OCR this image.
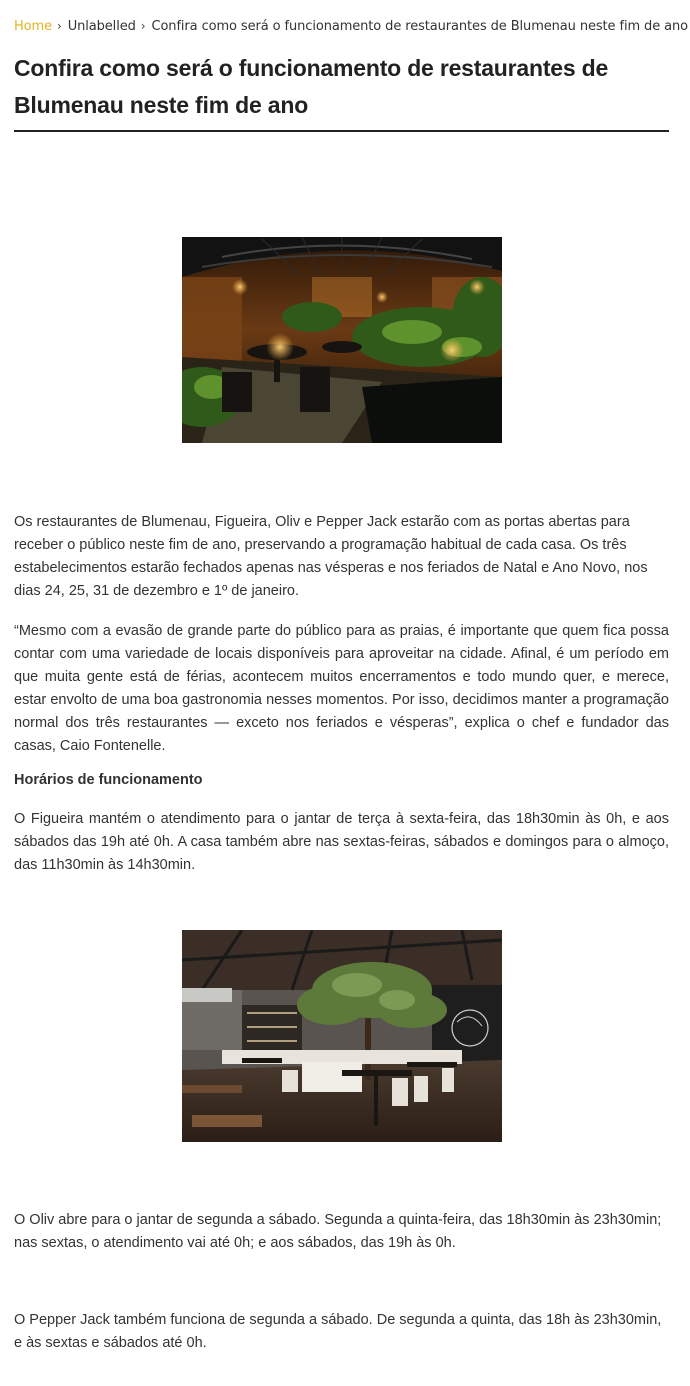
Home › Unlabelled › Confira como será o funcionamento de restaurantes de Blumenau neste fim de ano
Confira como será o funcionamento de restaurantes de Blumenau neste fim de ano

Os restaurantes de Blumenau, Figueira, Oliv e Pepper Jack estarão com as portas abertas para receber o público neste fim de ano, preservando a programação habitual de cada casa. Os três estabelecimentos estarão fechados apenas nas vésperas e nos feriados de Natal e Ano Novo, nos dias 24, 25, 31 de dezembro e 1º de janeiro.

“Mesmo com a evasão de grande parte do público para as praias, é importante que quem fica possa contar com uma variedade de locais disponíveis para aproveitar na cidade. Afinal, é um período em que muita gente está de férias, acontecem muitos encerramentos e todo mundo quer, e merece, estar envolto de uma boa gastronomia nesses momentos. Por isso, decidimos manter a programação normal dos três restaurantes — exceto nos feriados e vésperas”, explica o chef e fundador das casas, Caio Fontenelle.

Horários de funcionamento

O Figueira mantém o atendimento para o jantar de terça à sexta-feira, das 18h30min às 0h, e aos sábados das 19h até 0h. A casa também abre nas sextas-feiras, sábados e domingos para o almoço, das 11h30min às 14h30min.

O Oliv abre para o jantar de segunda a sábado. Segunda a quinta-feira, das 18h30min às 23h30min; nas sextas, o atendimento vai até 0h; e aos sábados, das 19h às 0h.

O Pepper Jack também funciona de segunda a sábado. De segunda a quinta, das 18h às 23h30min, e às sextas e sábados até 0h.
